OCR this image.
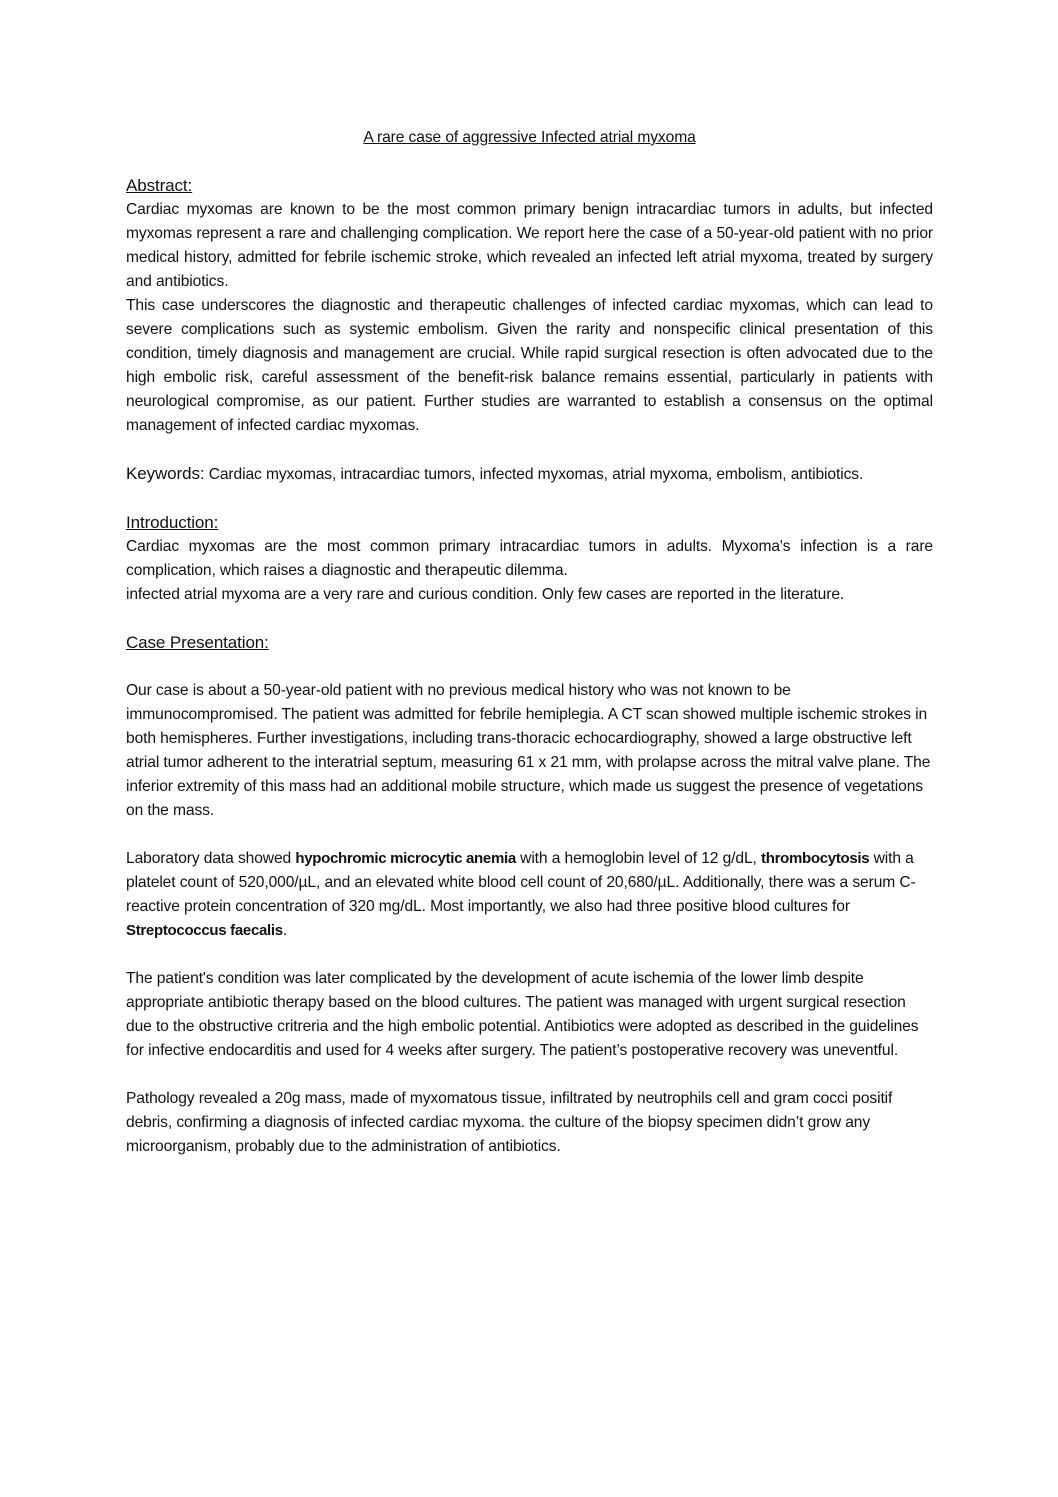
A rare case of aggressive Infected atrial myxoma
Abstract:

Cardiac myxomas are known to be the most common primary benign intracardiac tumors in adults, but infected myxomas represent a rare and challenging complication. We report here the case of a 50-year-old patient with no prior medical history, admitted for febrile ischemic stroke, which revealed an infected left atrial myxoma, treated by surgery and antibiotics.

This case underscores the diagnostic and therapeutic challenges of infected cardiac myxomas, which can lead to severe complications such as systemic embolism. Given the rarity and nonspecific clinical presentation of this condition, timely diagnosis and management are crucial. While rapid surgical resection is often advocated due to the high embolic risk, careful assessment of the benefit-risk balance remains essential, particularly in patients with neurological compromise, as our patient. Further studies are warranted to establish a consensus on the optimal management of infected cardiac myxomas.

Keywords: Cardiac myxomas, intracardiac tumors, infected myxomas, atrial myxoma, embolism, antibiotics.

Introduction:

Cardiac myxomas are the most common primary intracardiac tumors in adults. Myxoma's infection is a rare complication, which raises a diagnostic and therapeutic dilemma.

infected atrial myxoma are a very rare and curious condition. Only few cases are reported in the literature.

Case Presentation:

Our case is about a 50-year-old patient with no previous medical history who was not known to be immunocompromised. The patient was admitted for febrile hemiplegia. A CT scan showed multiple ischemic strokes in both hemispheres. Further investigations, including trans-thoracic echocardiography, showed a large obstructive left atrial tumor adherent to the interatrial septum, measuring 61 x 21 mm, with prolapse across the mitral valve plane. The inferior extremity of this mass had an additional mobile structure, which made us suggest the presence of vegetations on the mass.

Laboratory data showed hypochromic microcytic anemia with a hemoglobin level of 12 g/dL, thrombocytosis with a platelet count of 520,000/µL, and an elevated white blood cell count of 20,680/µL. Additionally, there was a serum C-reactive protein concentration of 320 mg/dL. Most importantly, we also had three positive blood cultures for Streptococcus faecalis.

The patient's condition was later complicated by the development of acute ischemia of the lower limb despite appropriate antibiotic therapy based on the blood cultures. The patient was managed with urgent surgical resection due to the obstructive critreria and the high embolic potential. Antibiotics were adopted as described in the guidelines for infective endocarditis and used for 4 weeks after surgery. The patient’s postoperative recovery was uneventful.

Pathology revealed a 20g mass, made of myxomatous tissue, infiltrated by neutrophils cell and gram cocci positif debris, confirming a diagnosis of infected cardiac myxoma. the culture of the biopsy specimen didn’t grow any microorganism, probably due to the administration of antibiotics.
